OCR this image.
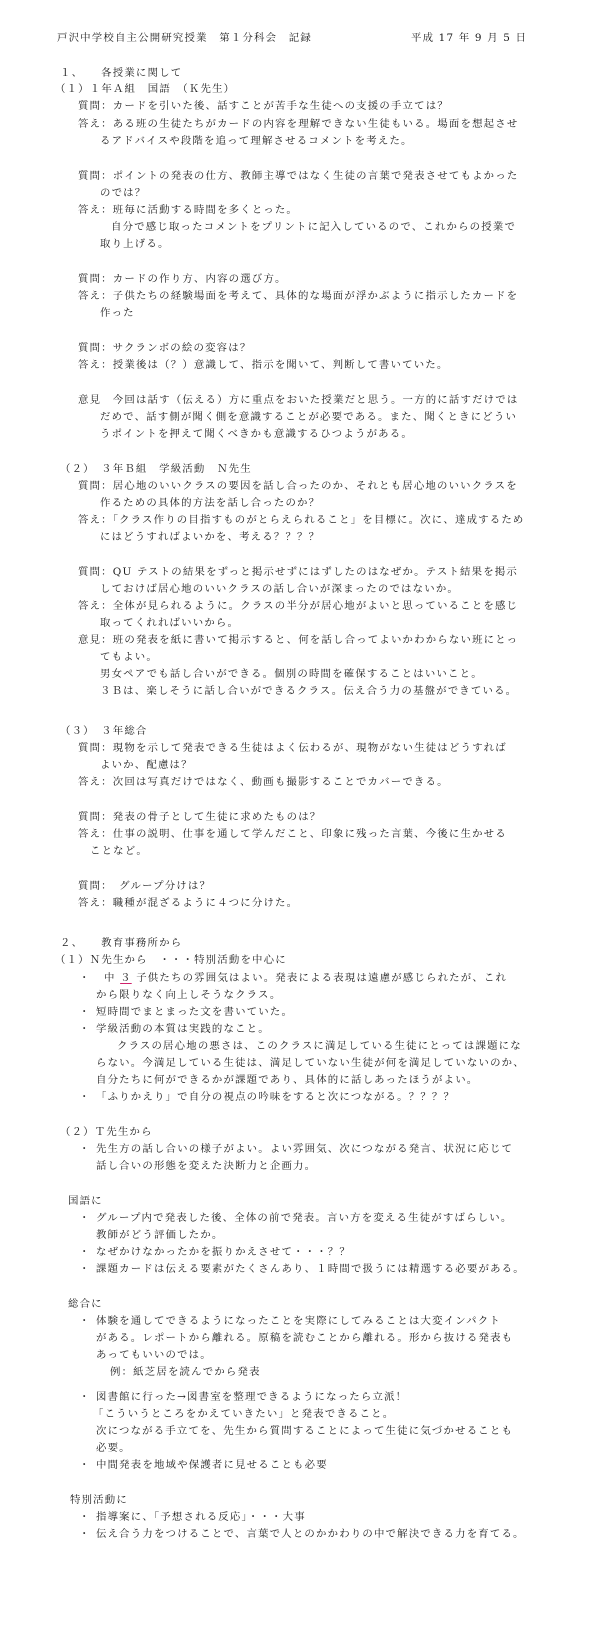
戸沢中学校自主公開研究授業　第１分科会　記録	平成 17 年 9 月 5 日
１、　　各授業に関して
（１）１年Ａ組　国語　（Ｋ先生）
質問：カードを引いた後、話すことが苦手な生徒への支援の手立ては？
答え：ある班の生徒たちがカードの内容を理解できない生徒もいる。場面を想起させ
るアドバイスや段階を追って理解させるコメントを考えた。
質問：ポイントの発表の仕方、教師主導ではなく生徒の言葉で発表させてもよかった
のでは？
答え：班毎に活動する時間を多くとった。
自分で感じ取ったコメントをプリントに記入しているので、これからの授業で
取り上げる。
質問：カードの作り方、内容の選び方。
答え：子供たちの経験場面を考えて、具体的な場面が浮かぶように指示したカードを
作った
質問：サクランボの絵の変容は？
答え：授業後は（？）意識して、指示を聞いて、判断して書いていた。
意見　今回は話す（伝える）方に重点をおいた授業だと思う。一方的に話すだけでは
だめで、話す側が聞く側を意識することが必要である。また、聞くときにどうい
うポイントを押えて聞くべきかも意識するひつようがある。
（２）　３年Ｂ組　学級活動　Ｎ先生
質問：居心地のいいクラスの要因を話し合ったのか、それとも居心地のいいクラスを
作るための具体的方法を話し合ったのか？
答え：「クラス作りの目指すものがとらえられること」を目標に。次に、達成するため
にはどうすればよいかを、考える？？？？
質問：QU テストの結果をずっと掲示せずにはずしたのはなぜか。テスト結果を掲示
しておけば居心地のいいクラスの話し合いが深まったのではないか。
答え：全体が見られるように。クラスの半分が居心地がよいと思っていることを感じ
取ってくれればいいから。
意見：班の発表を紙に書いて掲示すると、何を話し合ってよいかわからない班にとっ
てもよい。
男女ペアでも話し合いができる。個別の時間を確保することはいいこと。
３Ｂは、楽しそうに話し合いができるクラス。伝え合う力の基盤ができている。
（３）　３年総合
質問：現物を示して発表できる生徒はよく伝わるが、現物がない生徒はどうすれば
よいか、配慮は？
答え：次回は写真だけではなく、動画も撮影することでカバーできる。
質問：発表の骨子として生徒に求めたものは？
答え：仕事の説明、仕事を通して学んだこと、印象に残った言葉、今後に生かせる
ことなど。
質問：　グループ分けは？
答え：職種が混ざるように４つに分けた。
２、　　教育事務所から
（１）Ｎ先生から　・・・特別活動を中心に
・ 中 ３ 子供たちの雰囲気はよい。発表による表現は遠慮が感じられたが、これ
から限りなく向上しそうなクラス。
・ 短時間でまとまった文を書いていた。
・ 学級活動の本質は実践的なこと。
クラスの居心地の悪さは、このクラスに満足している生徒にとっては課題にな
らない。今満足している生徒は、満足していない生徒が何を満足していないのか、
自分たちに何ができるかが課題であり、具体的に話しあったほうがよい。
・ 「ふりかえり」で自分の視点の吟味をすると次につながる。？？？？
（２）Ｔ先生から
・ 先生方の話し合いの様子がよい。よい雰囲気、次につながる発言、状況に応じて
話し合いの形態を変えた決断力と企画力。
国語に
・ グループ内で発表した後、全体の前で発表。言い方を変える生徒がすばらしい。
教師がどう評価したか。
・ なぜかけなかったかを振りかえさせて・・・？？
・ 課題カードは伝える要素がたくさんあり、１時間で扱うには精選する必要がある。
総合に
・ 体験を通してできるようになったことを実際にしてみることは大変インパクト
がある。レポートから離れる。原稿を読むことから離れる。形から抜ける発表も
あってもいいのでは。
例：紙芝居を読んでから発表
・ 図書館に行った→図書室を整理できるようになったら立派！
「こういうところをかえていきたい」と発表できること。
次につながる手立てを、先生から質問することによって生徒に気づかせることも
必要。
・ 中間発表を地域や保護者に見せることも必要
特別活動に
・ 指導案に、「予想される反応」・・・大事
・ 伝え合う力をつけることで、言葉で人とのかかわりの中で解決できる力を育てる。
